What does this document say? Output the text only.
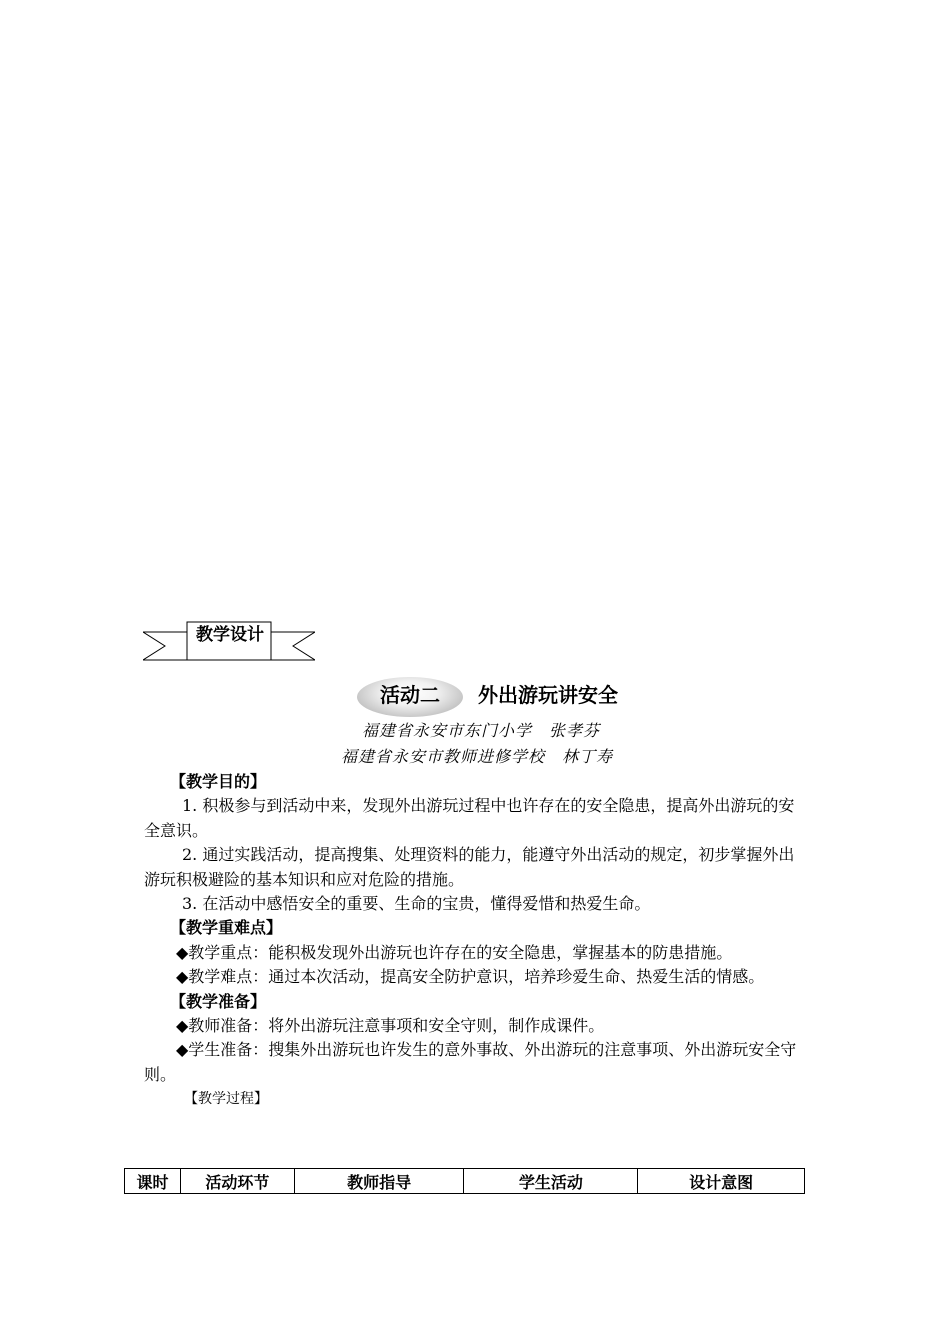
教学设计
活动二 外出游玩讲安全
福建省永安市东门小学　张孝芬
福建省永安市教师进修学校　林丁寿

【教学目的】

1. 积极参与到活动中来，发现外出游玩过程中也许存在的安全隐患，提高外出游玩的安全意识。

2. 通过实践活动，提高搜集、处理资料的能力，能遵守外出活动的规定，初步掌握外出游玩积极避险的基本知识和应对危险的措施。

3. 在活动中感悟安全的重要、生命的宝贵，懂得爱惜和热爱生命。

【教学重难点】

◆教学重点：能积极发现外出游玩也许存在的安全隐患，掌握基本的防患措施。

◆教学难点：通过本次活动，提高安全防护意识，培养珍爱生命、热爱生活的情感。

【教学准备】

◆教师准备：将外出游玩注意事项和安全守则，制作成课件。

◆学生准备：搜集外出游玩也许发生的意外事故、外出游玩的注意事项、外出游玩安全守则。

【教学过程】

课时	活动环节	教师指导	学生活动	设计意图
